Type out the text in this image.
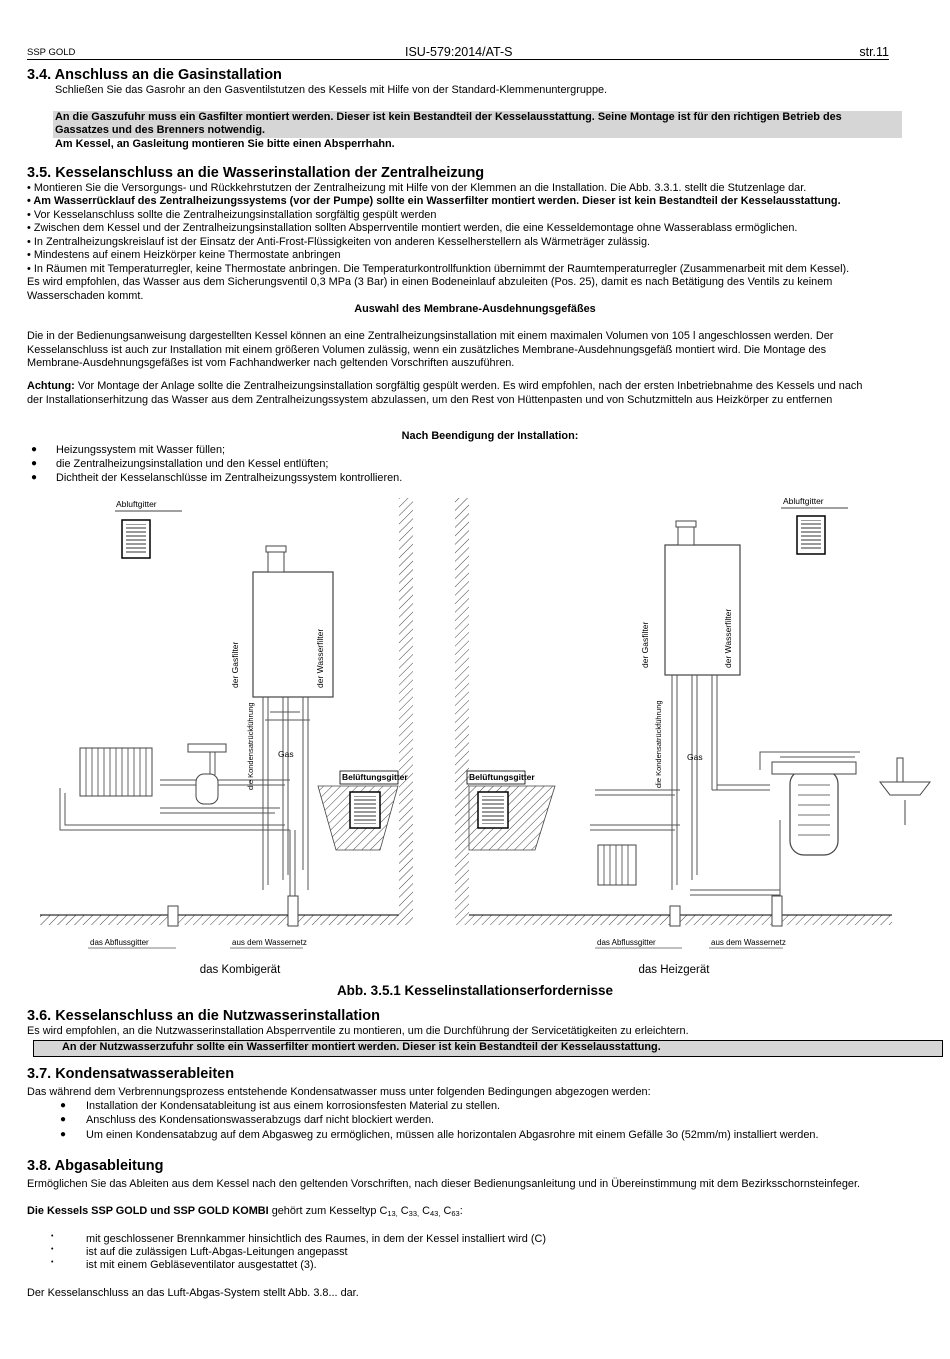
SSP GOLD	ISU-579:2014/AT-S	str.11
3.4. Anschluss an die Gasinstallation
Schließen Sie das Gasrohr an den Gasventilstutzen des Kessels mit Hilfe von der Standard-Klemmenuntergruppe.
An die Gaszufuhr muss ein Gasfilter montiert werden. Dieser ist kein Bestandteil der Kesselausstattung. Seine Montage ist für den richtigen Betrieb des
Gassatzes und des Brenners notwendig.
Am Kessel, an Gasleitung montieren Sie bitte einen Absperrhahn.
3.5. Kesselanschluss an die Wasserinstallation der Zentralheizung
• Montieren Sie die Versorgungs- und Rückkehrstutzen der Zentralheizung mit Hilfe von der Klemmen an die Installation. Die Abb. 3.3.1. stellt die Stutzenlage dar.
• Am Wasserrücklauf des Zentralheizungssystems (vor der Pumpe) sollte ein Wasserfilter montiert werden. Dieser ist kein Bestandteil der Kesselausstattung.
• Vor Kesselanschluss sollte die Zentralheizungsinstallation sorgfältig gespült werden
• Zwischen dem Kessel und der Zentralheizungsinstallation sollten Absperrventile montiert werden, die eine Kesseldemontage ohne Wasserablass ermöglichen.
• In Zentralheizungskreislauf ist der Einsatz der Anti-Frost-Flüssigkeiten von anderen Kesselherstellern als Wärmeträger zulässig.
• Mindestens auf einem Heizkörper keine Thermostate anbringen
• In Räumen mit Temperaturregler, keine Thermostate anbringen. Die Temperaturkontrollfunktion übernimmt der Raumtemperaturregler (Zusammenarbeit mit dem Kessel).
Es wird empfohlen, das Wasser aus dem Sicherungsventil 0,3 MPa (3 Bar) in einen Bodeneinlauf abzuleiten (Pos. 25), damit es nach Betätigung des Ventils zu keinem
Wasserschaden kommt.
Auswahl des Membrane-Ausdehnungsgefäßes
Die in der Bedienungsanweisung dargestellten Kessel können an eine Zentralheizungsinstallation mit einem maximalen Volumen von 105 l angeschlossen werden. Der
Kesselanschluss ist auch zur Installation mit einem größeren Volumen zulässig, wenn ein zusätzliches Membrane-Ausdehnungsgefäß montiert wird. Die Montage des
Membrane-Ausdehnungsgefäßes ist vom Fachhandwerker nach geltenden Vorschriften auszuführen.
Achtung: Vor Montage der Anlage sollte die Zentralheizungsinstallation sorgfältig gespült werden. Es wird empfohlen, nach der ersten Inbetriebnahme des Kessels und nach
der Installationserhitzung das Wasser aus dem Zentralheizungssystem abzulassen, um den Rest von Hüttenpasten und von Schutzmitteln aus Heizkörper zu entfernen
Nach Beendigung der Installation:
● Heizungssystem mit Wasser füllen;
● die Zentralheizungsinstallation und den Kessel entlüften;
● Dichtheit der Kesselanschlüsse im Zentralheizungssystem kontrollieren.
Abluftgitter
der Gasfilter	der Wasserfilter
die Kondensatrückführung	Gas
Belüftungsgitter
das Abflussgitter	aus dem Wassernetz
das Kombigerät
Abluftgitter
der Gasfilter	der Wasserfilter
die Kondensatrückführung	Gas
Belüftungsgitter
das Abflussgitter	aus dem Wassernetz
das Heizgerät
Abb. 3.5.1 Kesselinstallationserfordernisse
3.6. Kesselanschluss an die Nutzwasserinstallation
Es wird empfohlen, an die Nutzwasserinstallation Absperrventile zu montieren, um die Durchführung der Servicetätigkeiten zu erleichtern.
An der Nutzwasserzufuhr sollte ein Wasserfilter montiert werden. Dieser ist kein Bestandteil der Kesselausstattung.
3.7. Kondensatwasserableiten
Das während dem Verbrennungsprozess entstehende Kondensatwasser muss unter folgenden Bedingungen abgezogen werden:
● Installation der Kondensatableitung ist aus einem korrosionsfesten Material zu stellen.
● Anschluss des Kondensationswasserabzugs darf nicht blockiert werden.
● Um einen Kondensatabzug auf dem Abgasweg zu ermöglichen, müssen alle horizontalen Abgasrohre mit einem Gefälle 3o (52mm/m) installiert werden.
3.8. Abgasableitung
Ermöglichen Sie das Ableiten aus dem Kessel nach den geltenden Vorschriften, nach dieser Bedienungsanleitung und in Übereinstimmung mit dem Bezirksschornsteinfeger.
Die Kessels SSP GOLD und SSP GOLD KOMBI gehört zum Kesseltyp $C_{13,}$ $C_{33,}$ $C_{43,}$ $C_{63}$:
•	mit geschlossener Brennkammer hinsichtlich des Raumes, in dem der Kessel installiert wird (C)
•	ist auf die zulässigen Luft-Abgas-Leitungen angepasst
•	ist mit einem Gebläseventilator ausgestattet (3).
Der Kesselanschluss an das Luft-Abgas-System stellt Abb. 3.8... dar.
